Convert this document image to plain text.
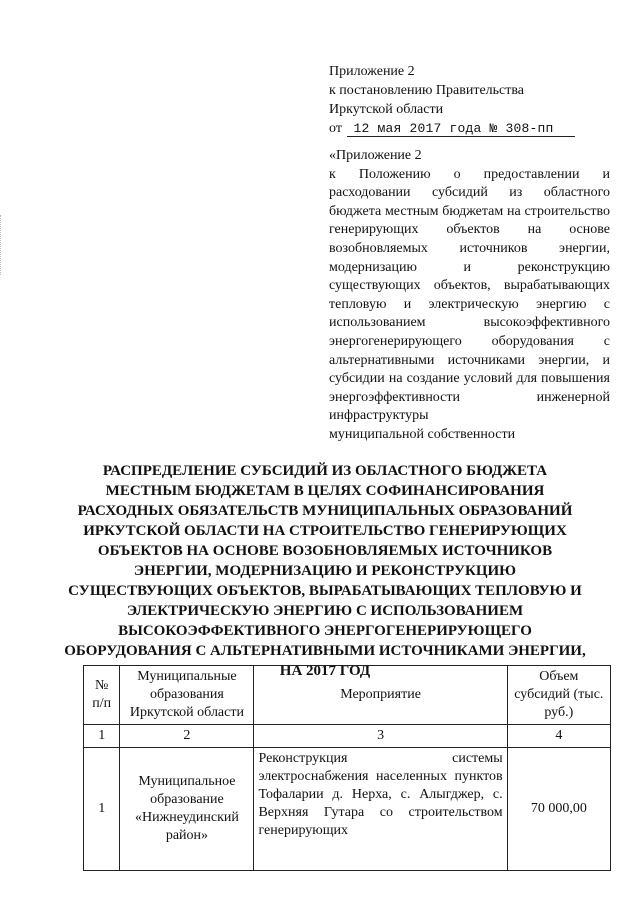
Приложение 2
к постановлению Правительства
Иркутской области
от 12 мая 2017 года № 308-пп
«Приложение 2
к Положению о предоставлении и расходовании субсидий из областного бюджета местным бюджетам на строительство генерирующих объектов на основе возобновляемых источников энергии, модернизацию и реконструкцию существующих объектов, вырабатывающих тепловую и электрическую энергию с использованием высокоэффективного энергогенерирующего оборудования с альтернативными источниками энергии, и субсидии на создание условий для повышения энергоэффективности инженерной инфраструктуры
муниципальной собственности
РАСПРЕДЕЛЕНИЕ СУБСИДИЙ ИЗ ОБЛАСТНОГО БЮДЖЕТА МЕСТНЫМ БЮДЖЕТАМ В ЦЕЛЯХ СОФИНАНСИРОВАНИЯ РАСХОДНЫХ ОБЯЗАТЕЛЬСТВ МУНИЦИПАЛЬНЫХ ОБРАЗОВАНИЙ ИРКУТСКОЙ ОБЛАСТИ НА СТРОИТЕЛЬСТВО ГЕНЕРИРУЮЩИХ ОБЪЕКТОВ НА ОСНОВЕ ВОЗОБНОВЛЯЕМЫХ ИСТОЧНИКОВ ЭНЕРГИИ, МОДЕРНИЗАЦИЮ И РЕКОНСТРУКЦИЮ СУЩЕСТВУЮЩИХ ОБЪЕКТОВ, ВЫРАБАТЫВАЮЩИХ ТЕПЛОВУЮ И ЭЛЕКТРИЧЕСКУЮ ЭНЕРГИЮ С ИСПОЛЬЗОВАНИЕМ ВЫСОКОЭФФЕКТИВНОГО ЭНЕРГОГЕНЕРИРУЮЩЕГО ОБОРУДОВАНИЯ С АЛЬТЕРНАТИВНЫМИ ИСТОЧНИКАМИ ЭНЕРГИИ, НА 2017 ГОД
№ п/п	Муниципальные образования Иркутской области	Мероприятие	Объем субсидий (тыс. руб.)
1	2	3	4
1	Муниципальное образование «Нижнеудинский район»	Реконструкция системы электроснабжения населенных пунктов Тофаларии д. Нерха, с. Алыгджер, с. Верхняя Гутара со строительством генерирующих	70 000,00
